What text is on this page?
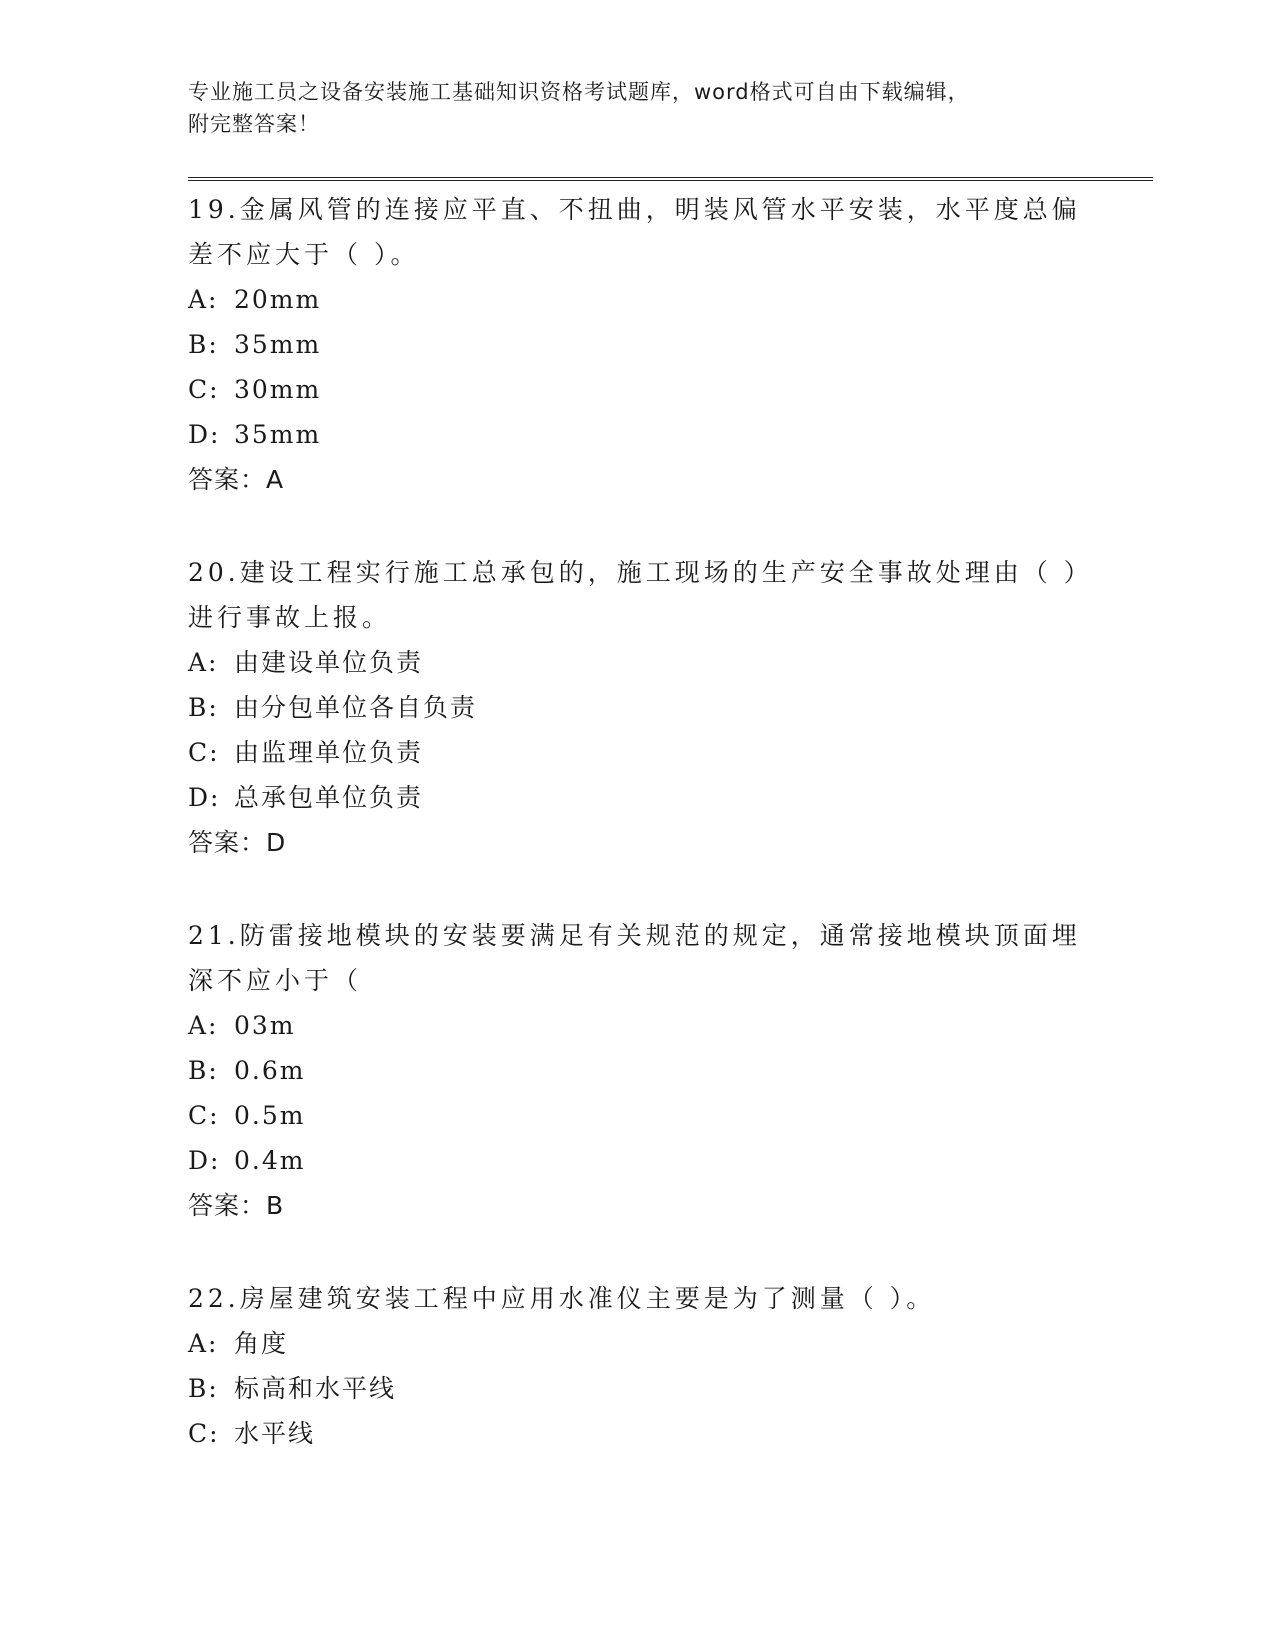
专业施工员之设备安装施工基础知识资格考试题库，word格式可自由下载编辑，
附完整答案！
19.金属风管的连接应平直、不扭曲，明装风管水平安装，水平度总偏差不应大于（ ）。
A: 20mm
B: 35mm
C: 30mm
D: 35mm
答案：A
20.建设工程实行施工总承包的，施工现场的生产安全事故处理由（ ）进行事故上报。
A: 由建设单位负责
B: 由分包单位各自负责
C: 由监理单位负责
D: 总承包单位负责
答案：D
21.防雷接地模块的安装要满足有关规范的规定，通常接地模块顶面埋深不应小于（
A: 03m
B: 0.6m
C: 0.5m
D: 0.4m
答案：B
22.房屋建筑安装工程中应用水准仪主要是为了测量（ ）。
A: 角度
B: 标高和水平线
C: 水平线
